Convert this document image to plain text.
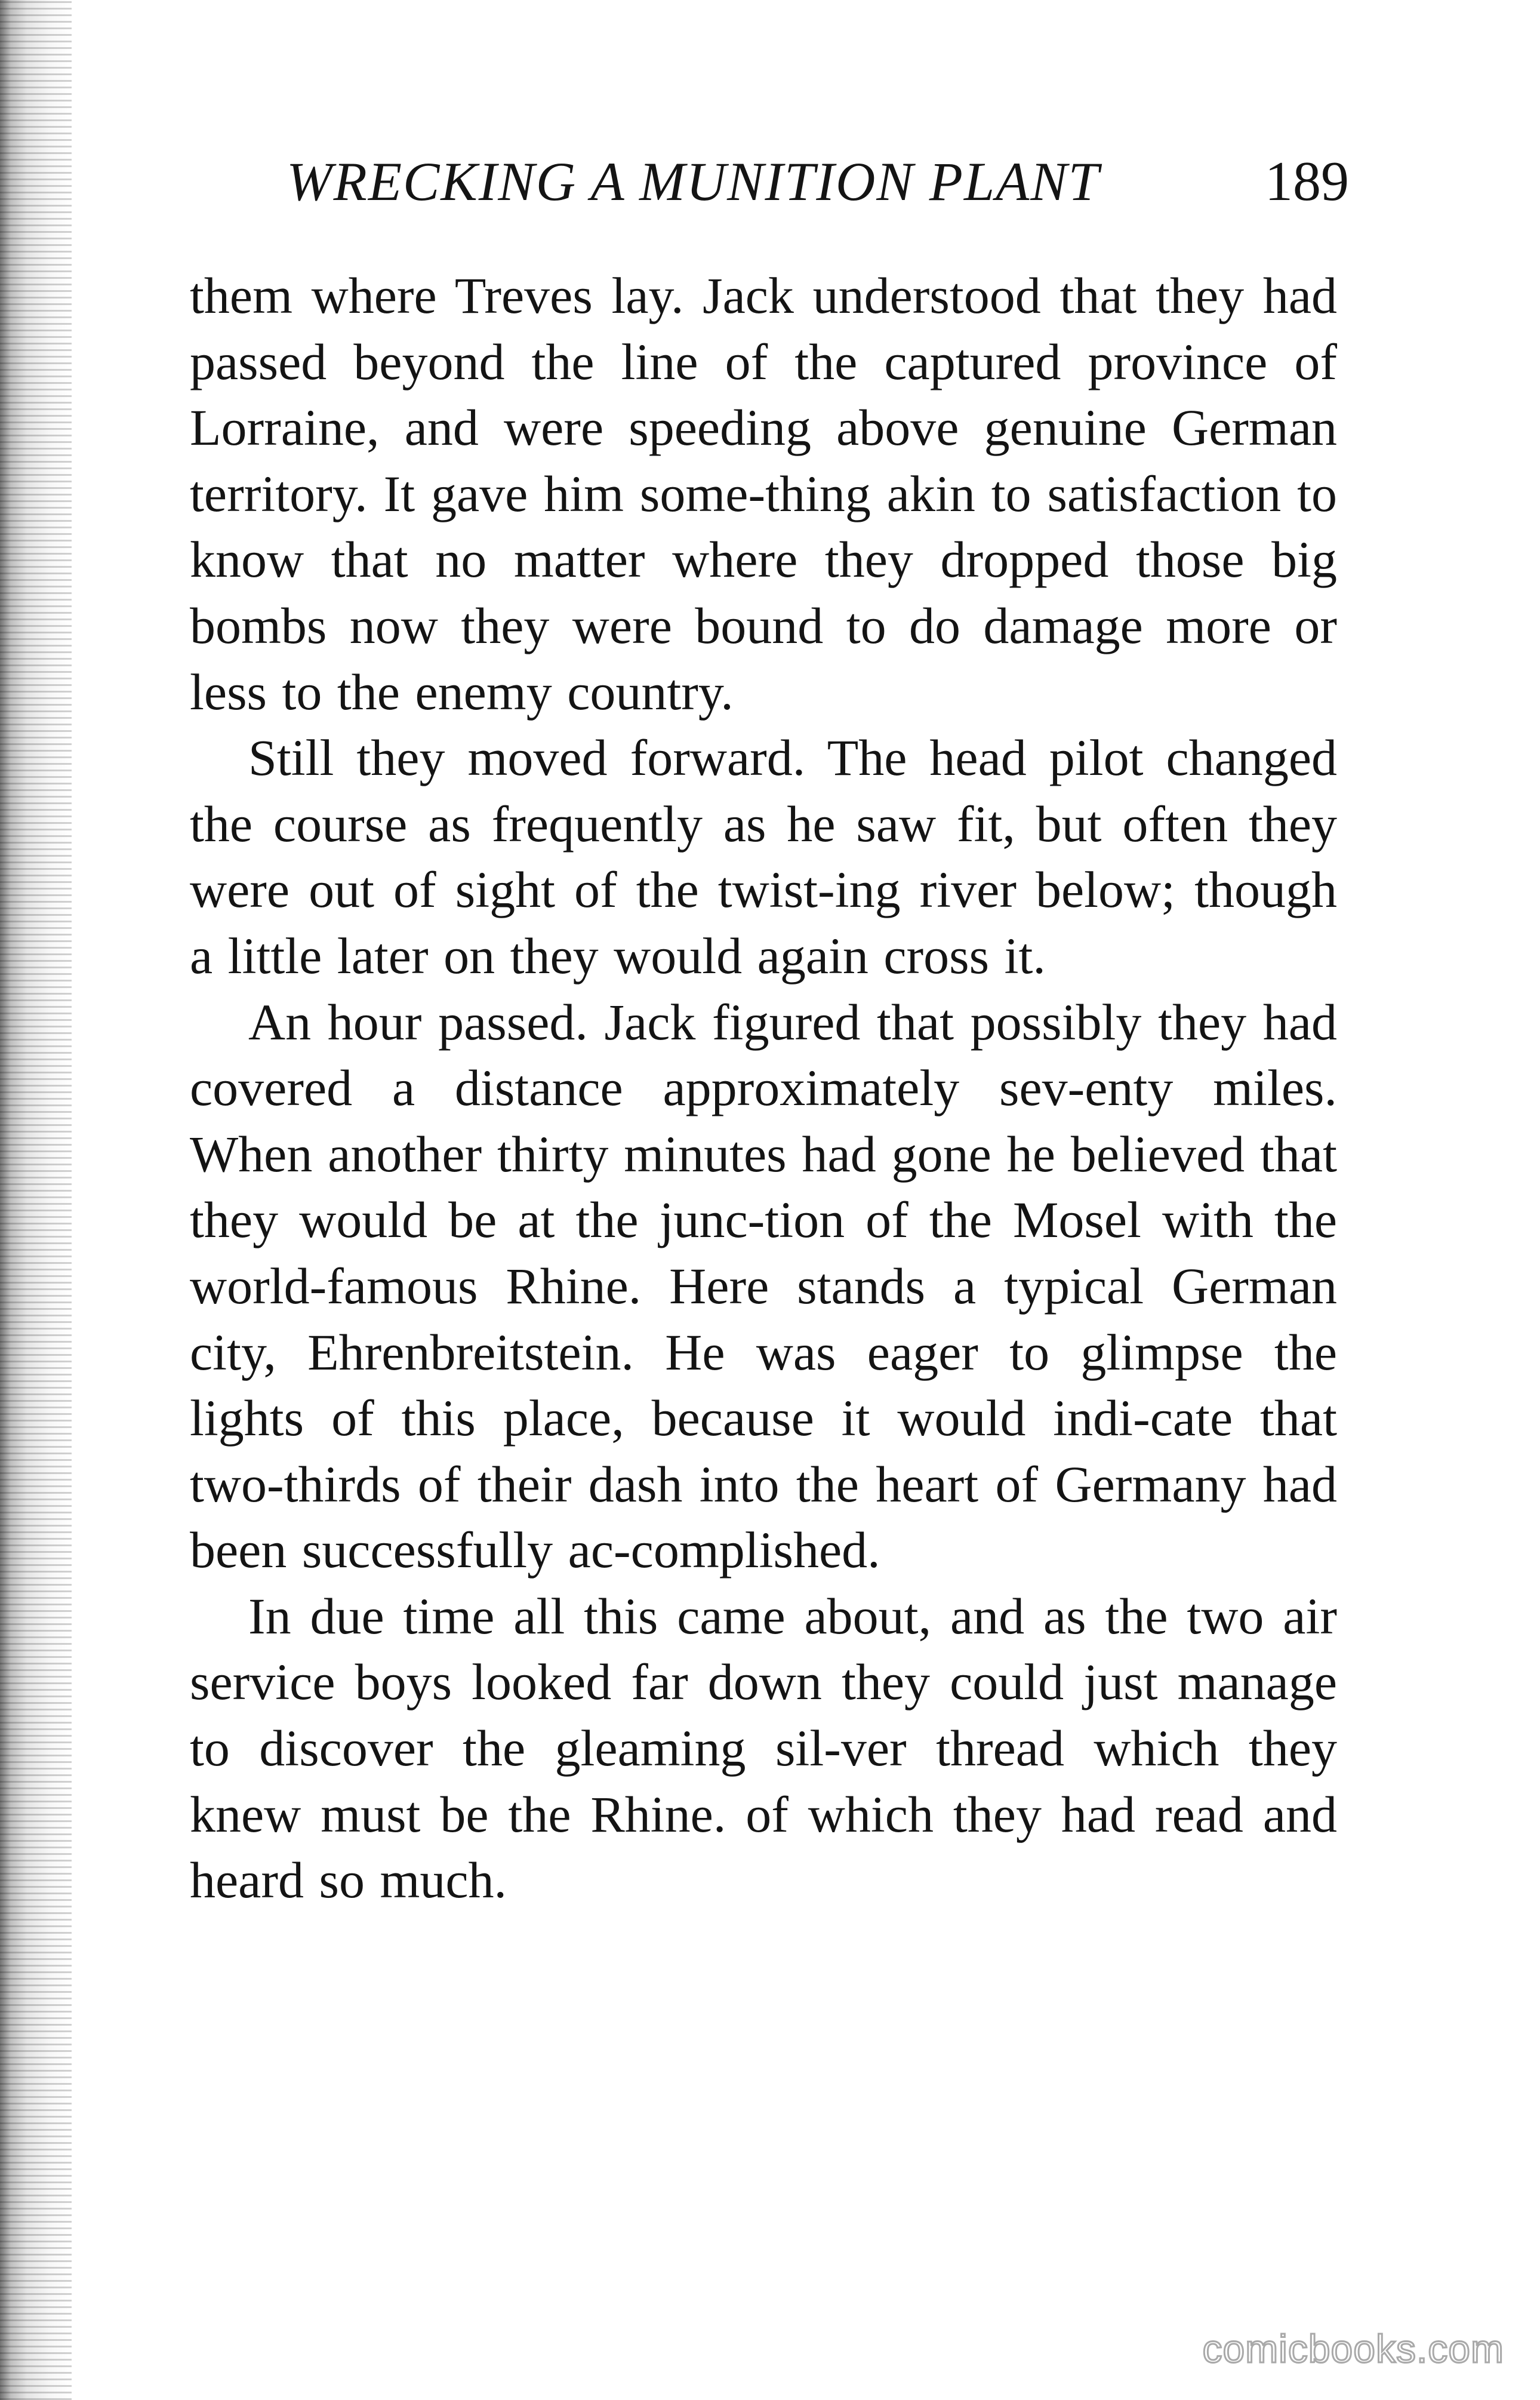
WRECKING A MUNITION PLANT	189

them where Treves lay. Jack understood that they had passed beyond the line of the captured province of Lorraine, and were speeding above genuine German territory. It gave him some-thing akin to satisfaction to know that no matter where they dropped those big bombs now they were bound to do damage more or less to the enemy country.

Still they moved forward. The head pilot changed the course as frequently as he saw fit, but often they were out of sight of the twist-ing river below; though a little later on they would again cross it.

An hour passed. Jack figured that possibly they had covered a distance approximately sev-enty miles. When another thirty minutes had gone he believed that they would be at the junc-tion of the Mosel with the world-famous Rhine. Here stands a typical German city, Ehrenbreitstein. He was eager to glimpse the lights of this place, because it would indi-cate that two-thirds of their dash into the heart of Germany had been successfully ac-complished.

In due time all this came about, and as the two air service boys looked far down they could just manage to discover the gleaming sil-ver thread which they knew must be the Rhine. of which they had read and heard so much.

comicbooks.com
